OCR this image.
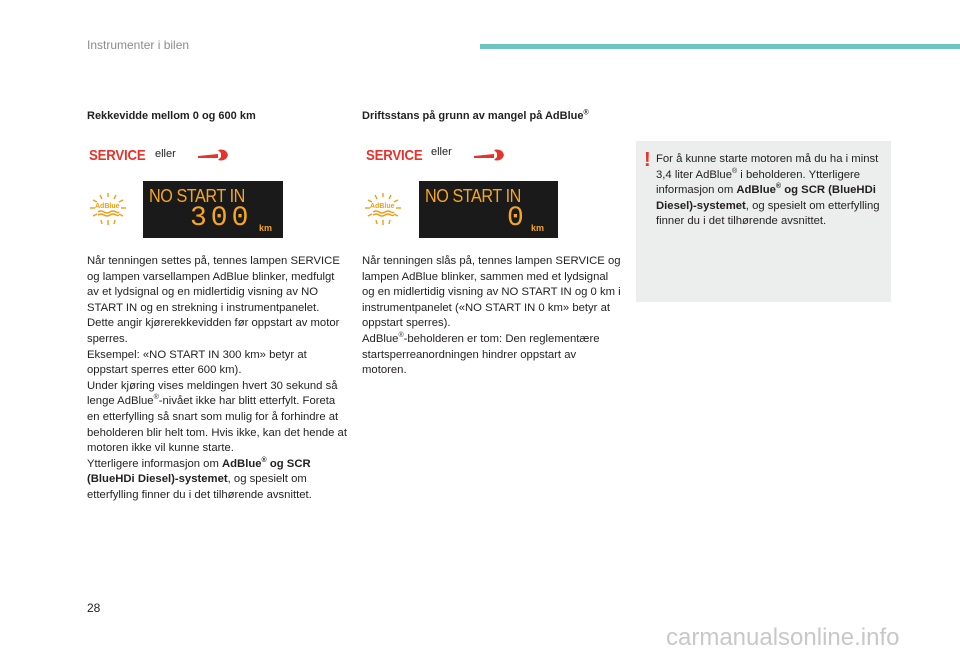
Instrumenter i bilen
Rekkevidde mellom 0 og 600 km
SERVICE eller
AdBlue
NO START IN
300 km
Når tenningen settes på, tennes lampen SERVICE og lampen varsellampen AdBlue blinker, medfulgt av et lydsignal og en midlertidig visning av NO START IN og en strekning i instrumentpanelet. Dette angir kjørerekkevidden før oppstart av motor sperres.
Eksempel: «NO START IN 300 km» betyr at oppstart sperres etter 600 km).
Under kjøring vises meldingen hvert 30 sekund så lenge AdBlue®-nivået ikke har blitt etterfylt. Foreta en etterfylling så snart som mulig for å forhindre at beholderen blir helt tom. Hvis ikke, kan det hende at motoren ikke vil kunne starte.
Ytterligere informasjon om AdBlue® og SCR (BlueHDi Diesel)-systemet, og spesielt om etterfylling finner du i det tilhørende avsnittet.
Driftsstans på grunn av mangel på AdBlue®
SERVICE eller
AdBlue
NO START IN
0 km
Når tenningen slås på, tennes lampen SERVICE og lampen AdBlue blinker, sammen med et lydsignal og en midlertidig visning av NO START IN og 0 km i instrumentpanelet («NO START IN 0 km» betyr at oppstart sperres).
AdBlue®-beholderen er tom: Den reglementære startsperreanordningen hindrer oppstart av motoren.
! For å kunne starte motoren må du ha i minst 3,4 liter AdBlue® i beholderen. Ytterligere informasjon om AdBlue® og SCR (BlueHDi Diesel)-systemet, og spesielt om etterfylling finner du i det tilhørende avsnittet.
28
carmanualsonline.info
